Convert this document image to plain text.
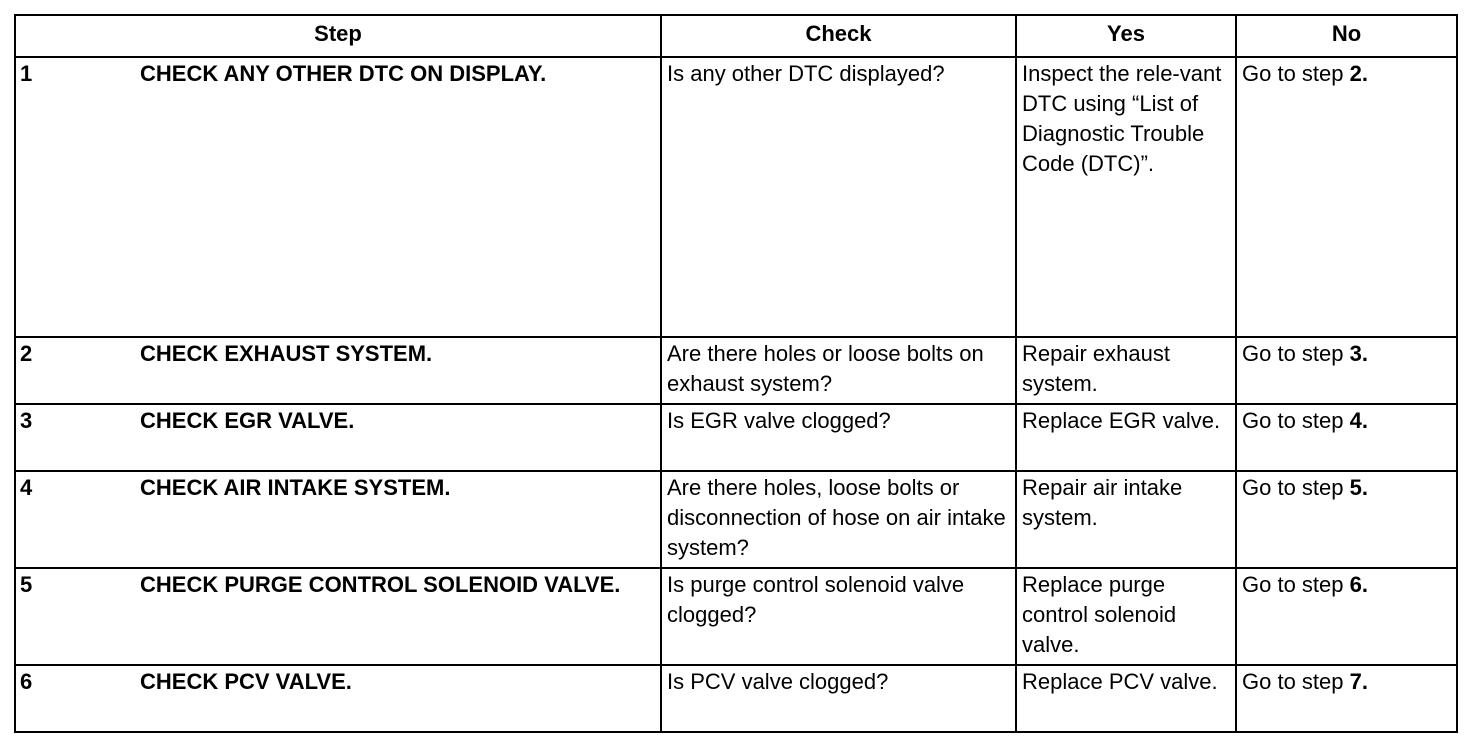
Step	Check	Yes	No

1 CHECK ANY OTHER DTC ON DISPLAY.	Is any other DTC displayed?	Inspect the rele-vant DTC using “List of Diagnostic Trouble Code (DTC)”.	Go to step 2.

2 CHECK EXHAUST SYSTEM.	Are there holes or loose bolts on exhaust system?	Repair exhaust system.	Go to step 3.

3 CHECK EGR VALVE.	Is EGR valve clogged?	Replace EGR valve.	Go to step 4.

4 CHECK AIR INTAKE SYSTEM.	Are there holes, loose bolts or disconnection of hose on air intake system?	Repair air intake system.	Go to step 5.

5 CHECK PURGE CONTROL SOLENOID VALVE.	Is purge control solenoid valve clogged?	Replace purge control solenoid valve.	Go to step 6.

6 CHECK PCV VALVE.	Is PCV valve clogged?	Replace PCV valve.	Go to step 7.
